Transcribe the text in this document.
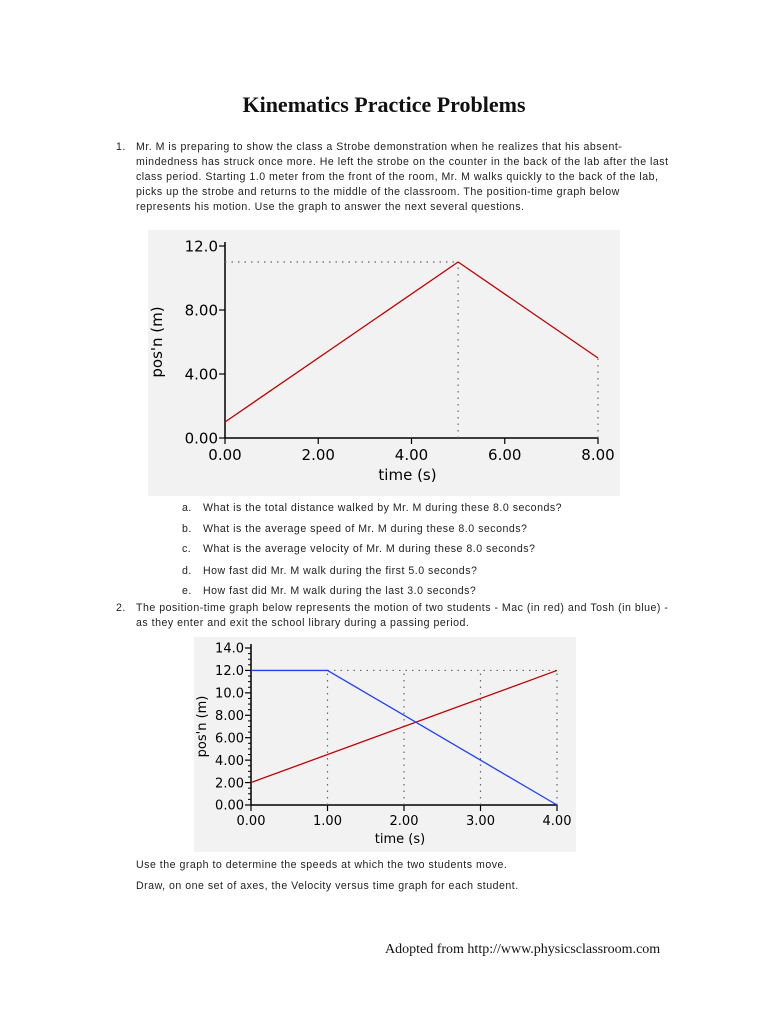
Kinematics Practice Problems
1. Mr. M is preparing to show the class a Strobe demonstration when he realizes that his absent-mindedness has struck once more. He left the strobe on the counter in the back of the lab after the last class period. Starting 1.0 meter from the front of the room, Mr. M walks quickly to the back of the lab, picks up the strobe and returns to the middle of the classroom. The position-time graph below represents his motion. Use the graph to answer the next several questions.
0.00	2.00	4.00	6.00	8.00
0.00
4.00
8.00
12.0
time (s)
pos'n (m)
a. What is the total distance walked by Mr. M during these 8.0 seconds?
b. What is the average speed of Mr. M during these 8.0 seconds?
c. What is the average velocity of Mr. M during these 8.0 seconds?
d. How fast did Mr. M walk during the first 5.0 seconds?
e. How fast did Mr. M walk during the last 3.0 seconds?
2. The position-time graph below represents the motion of two students - Mac (in red) and Tosh (in blue) - as they enter and exit the school library during a passing period.
0.00	1.00	2.00	3.00	4.00
0.00
2.00
4.00
6.00
8.00
10.0
12.0
14.0
time (s)
pos'n (m)
Use the graph to determine the speeds at which the two students move.
Draw, on one set of axes, the Velocity versus time graph for each student.
Adopted from http://www.physicsclassroom.com
